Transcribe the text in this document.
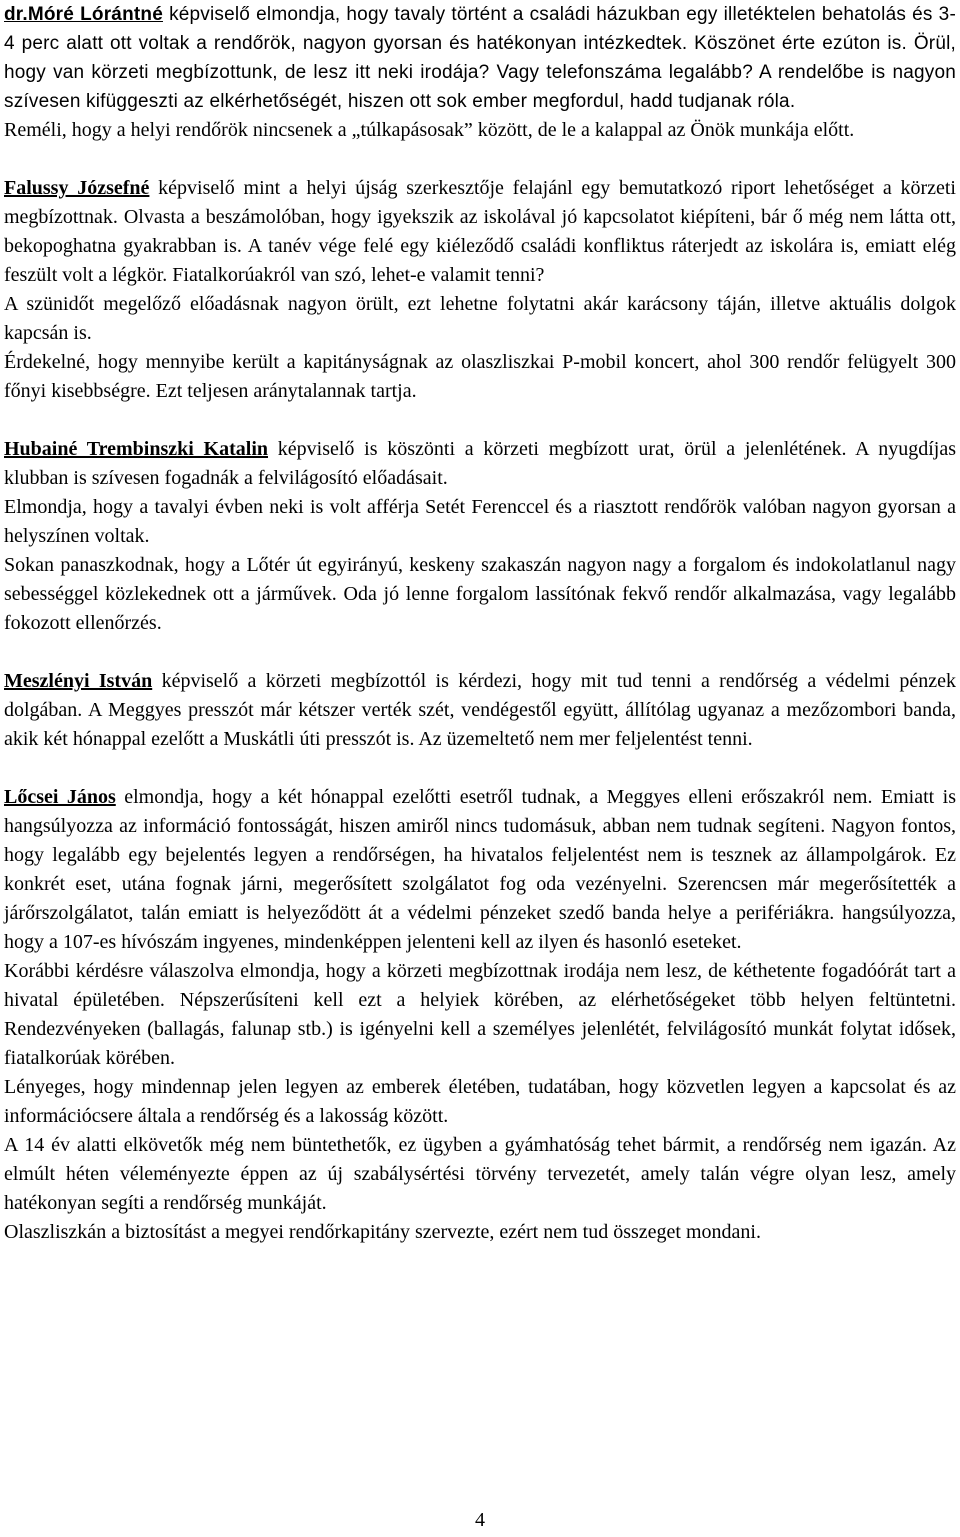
dr.Móré Lórántné képviselő elmondja, hogy tavaly történt a családi házukban egy illetéktelen behatolás és 3-4 perc alatt ott voltak a rendőrök, nagyon gyorsan és hatékonyan intézkedtek. Köszönet érte ezúton is. Örül, hogy van körzeti megbízottunk, de lesz itt neki irodája? Vagy telefonszáma legalább? A rendelőbe is nagyon szívesen kifüggeszti az elkérhetőségét, hiszen ott sok ember megfordul, hadd tudjanak róla.

Reméli, hogy a helyi rendőrök nincsenek a „túlkapásosak” között, de le a kalappal az Önök munkája előtt.

Falussy Józsefné képviselő mint a helyi újság szerkesztője felajánl egy bemutatkozó riport lehetőséget a körzeti megbízottnak. Olvasta a beszámolóban, hogy igyekszik az iskolával jó kapcsolatot kiépíteni, bár ő még nem látta ott, bekopoghatna gyakrabban is. A tanév vége felé egy kiéleződő családi konfliktus ráterjedt az iskolára is, emiatt elég feszült volt a légkör. Fiatalkorúakról van szó, lehet-e valamit tenni?

A szünidőt megelőző előadásnak nagyon örült, ezt lehetne folytatni akár karácsony táján, illetve aktuális dolgok kapcsán is.

Érdekelné, hogy mennyibe került a kapitányságnak az olaszliszkai P-mobil koncert, ahol 300 rendőr felügyelt 300 főnyi kisebbségre. Ezt teljesen aránytalannak tartja.

Hubainé Trembinszki Katalin képviselő is köszönti a körzeti megbízott urat, örül a jelenlétének. A nyugdíjas klubban is szívesen fogadnák a felvilágosító előadásait.

Elmondja, hogy a tavalyi évben neki is volt afférja Setét Ferenccel és a riasztott rendőrök valóban nagyon gyorsan a helyszínen voltak.

Sokan panaszkodnak, hogy a Lőtér út egyirányú, keskeny szakaszán nagyon nagy a forgalom és indokolatlanul nagy sebességgel közlekednek ott a járművek. Oda jó lenne forgalom lassítónak fekvő rendőr alkalmazása, vagy legalább fokozott ellenőrzés.

Meszlényi István képviselő a körzeti megbízottól is kérdezi, hogy mit tud tenni a rendőrség a védelmi pénzek dolgában. A Meggyes presszót már kétszer verték szét, vendégestől együtt, állítólag ugyanaz a mezőzombori banda, akik két hónappal ezelőtt a Muskátli úti presszót is. Az üzemeltető nem mer feljelentést tenni.

Lőcsei János elmondja, hogy a két hónappal ezelőtti esetről tudnak, a Meggyes elleni erőszakról nem. Emiatt is hangsúlyozza az információ fontosságát, hiszen amiről nincs tudomásuk, abban nem tudnak segíteni. Nagyon fontos, hogy legalább egy bejelentés legyen a rendőrségen, ha hivatalos feljelentést nem is tesznek az állampolgárok. Ez konkrét eset, utána fognak járni, megerősített szolgálatot fog oda vezényelni. Szerencsen már megerősítették a járőrszolgálatot, talán emiatt is helyeződött át a védelmi pénzeket szedő banda helye a perifériákra. hangsúlyozza, hogy a 107-es hívószám ingyenes, mindenképpen jelenteni kell az ilyen és hasonló eseteket.

Korábbi kérdésre válaszolva elmondja, hogy a körzeti megbízottnak irodája nem lesz, de kéthetente fogadóórát tart a hivatal épületében. Népszerűsíteni kell ezt a helyiek körében, az elérhetőségeket több helyen feltüntetni. Rendezvényeken (ballagás, falunap stb.) is igényelni kell a személyes jelenlétét, felvilágosító munkát folytat idősek, fiatalkorúak körében.

Lényeges, hogy mindennap jelen legyen az emberek életében, tudatában, hogy közvetlen legyen a kapcsolat és az információcsere általa a rendőrség és a lakosság között.

A 14 év alatti elkövetők még nem büntethetők, ez ügyben a gyámhatóság tehet bármit, a rendőrség nem igazán. Az elmúlt héten véleményezte éppen az új szabálysértési törvény tervezetét, amely talán végre olyan lesz, amely hatékonyan segíti a rendőrség munkáját.

Olaszliszkán a biztosítást a megyei rendőrkapitány szervezte, ezért nem tud összeget mondani.

4
